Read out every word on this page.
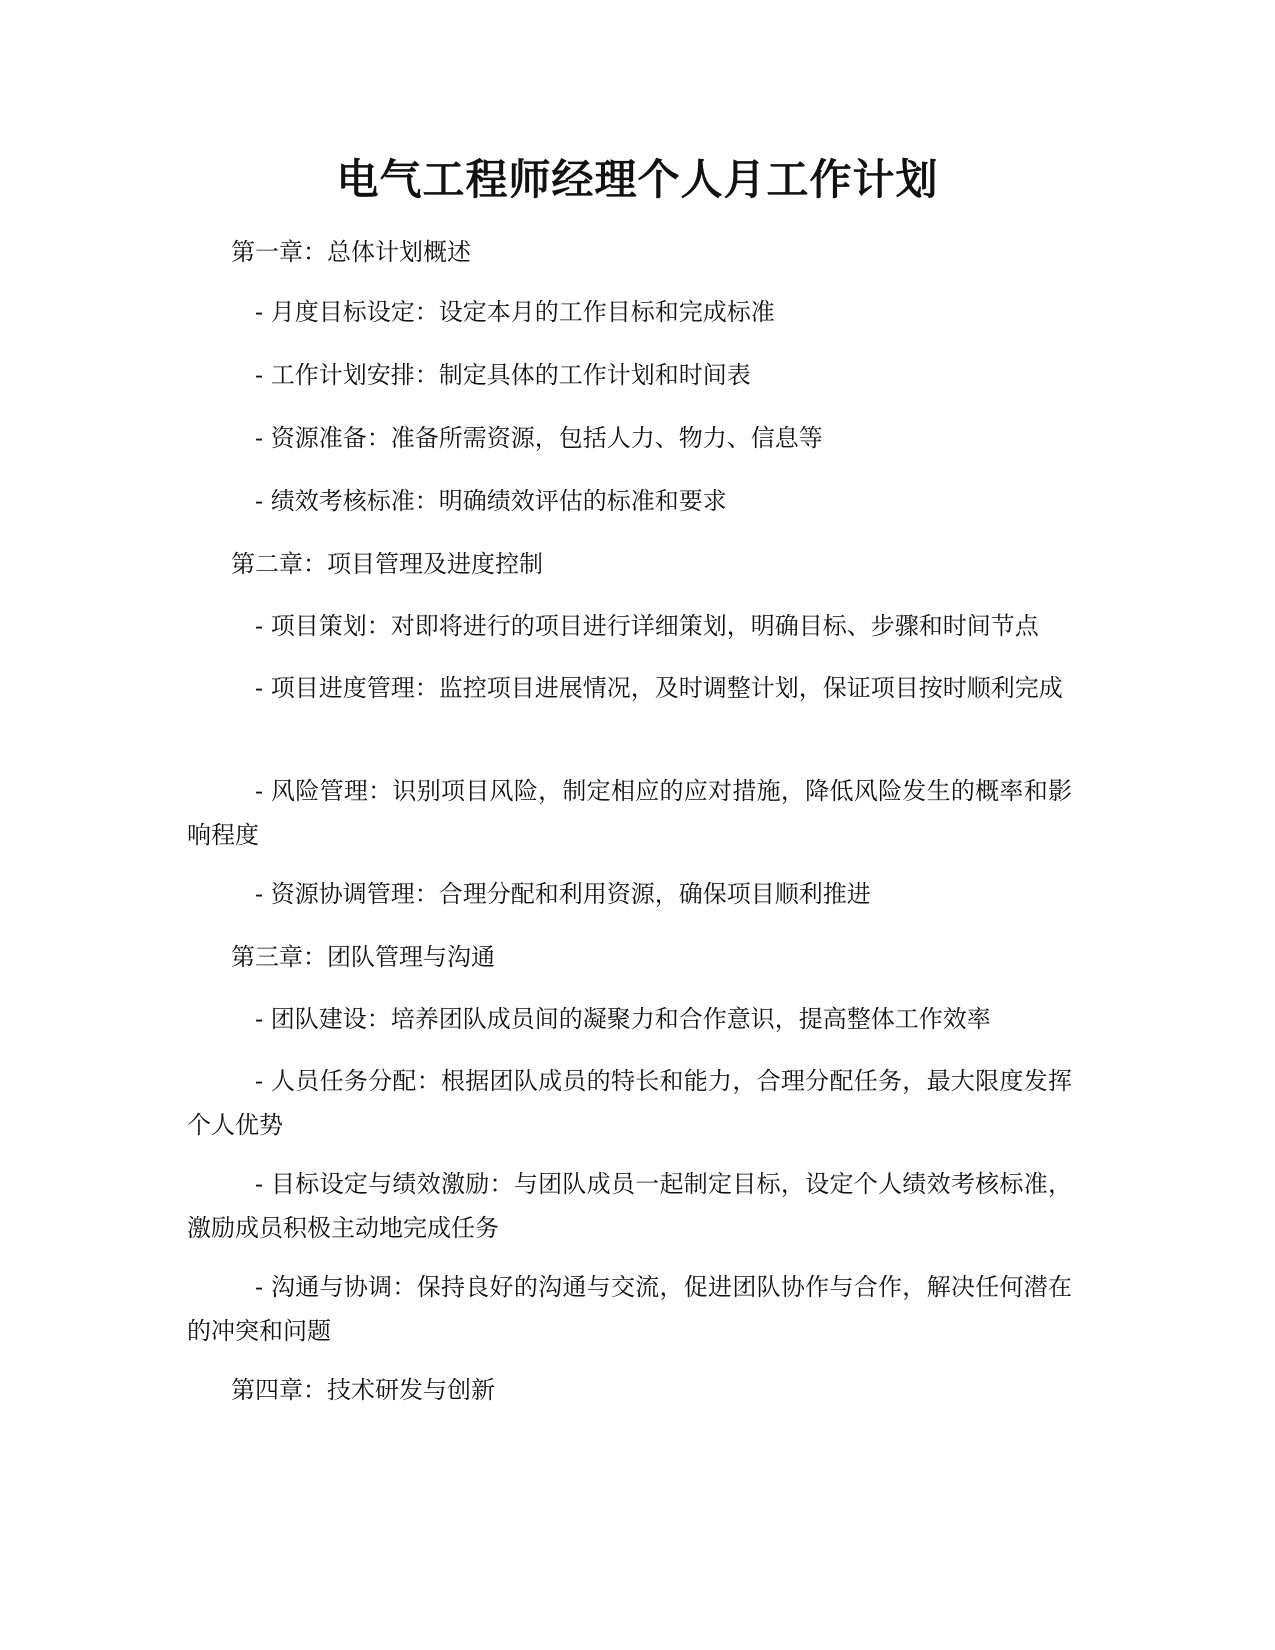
电气工程师经理个人月工作计划

第一章：总体计划概述

- 月度目标设定：设定本月的工作目标和完成标准

- 工作计划安排：制定具体的工作计划和时间表

- 资源准备：准备所需资源，包括人力、物力、信息等

- 绩效考核标准：明确绩效评估的标准和要求

第二章：项目管理及进度控制

- 项目策划：对即将进行的项目进行详细策划，明确目标、步骤和时间节点

- 项目进度管理：监控项目进展情况，及时调整计划，保证项目按时顺利完成

- 风险管理：识别项目风险，制定相应的应对措施，降低风险发生的概率和影响程度

- 资源协调管理：合理分配和利用资源，确保项目顺利推进

第三章：团队管理与沟通

- 团队建设：培养团队成员间的凝聚力和合作意识，提高整体工作效率

- 人员任务分配：根据团队成员的特长和能力，合理分配任务，最大限度发挥个人优势

- 目标设定与绩效激励：与团队成员一起制定目标，设定个人绩效考核标准，激励成员积极主动地完成任务

- 沟通与协调：保持良好的沟通与交流，促进团队协作与合作，解决任何潜在的冲突和问题

第四章：技术研发与创新
